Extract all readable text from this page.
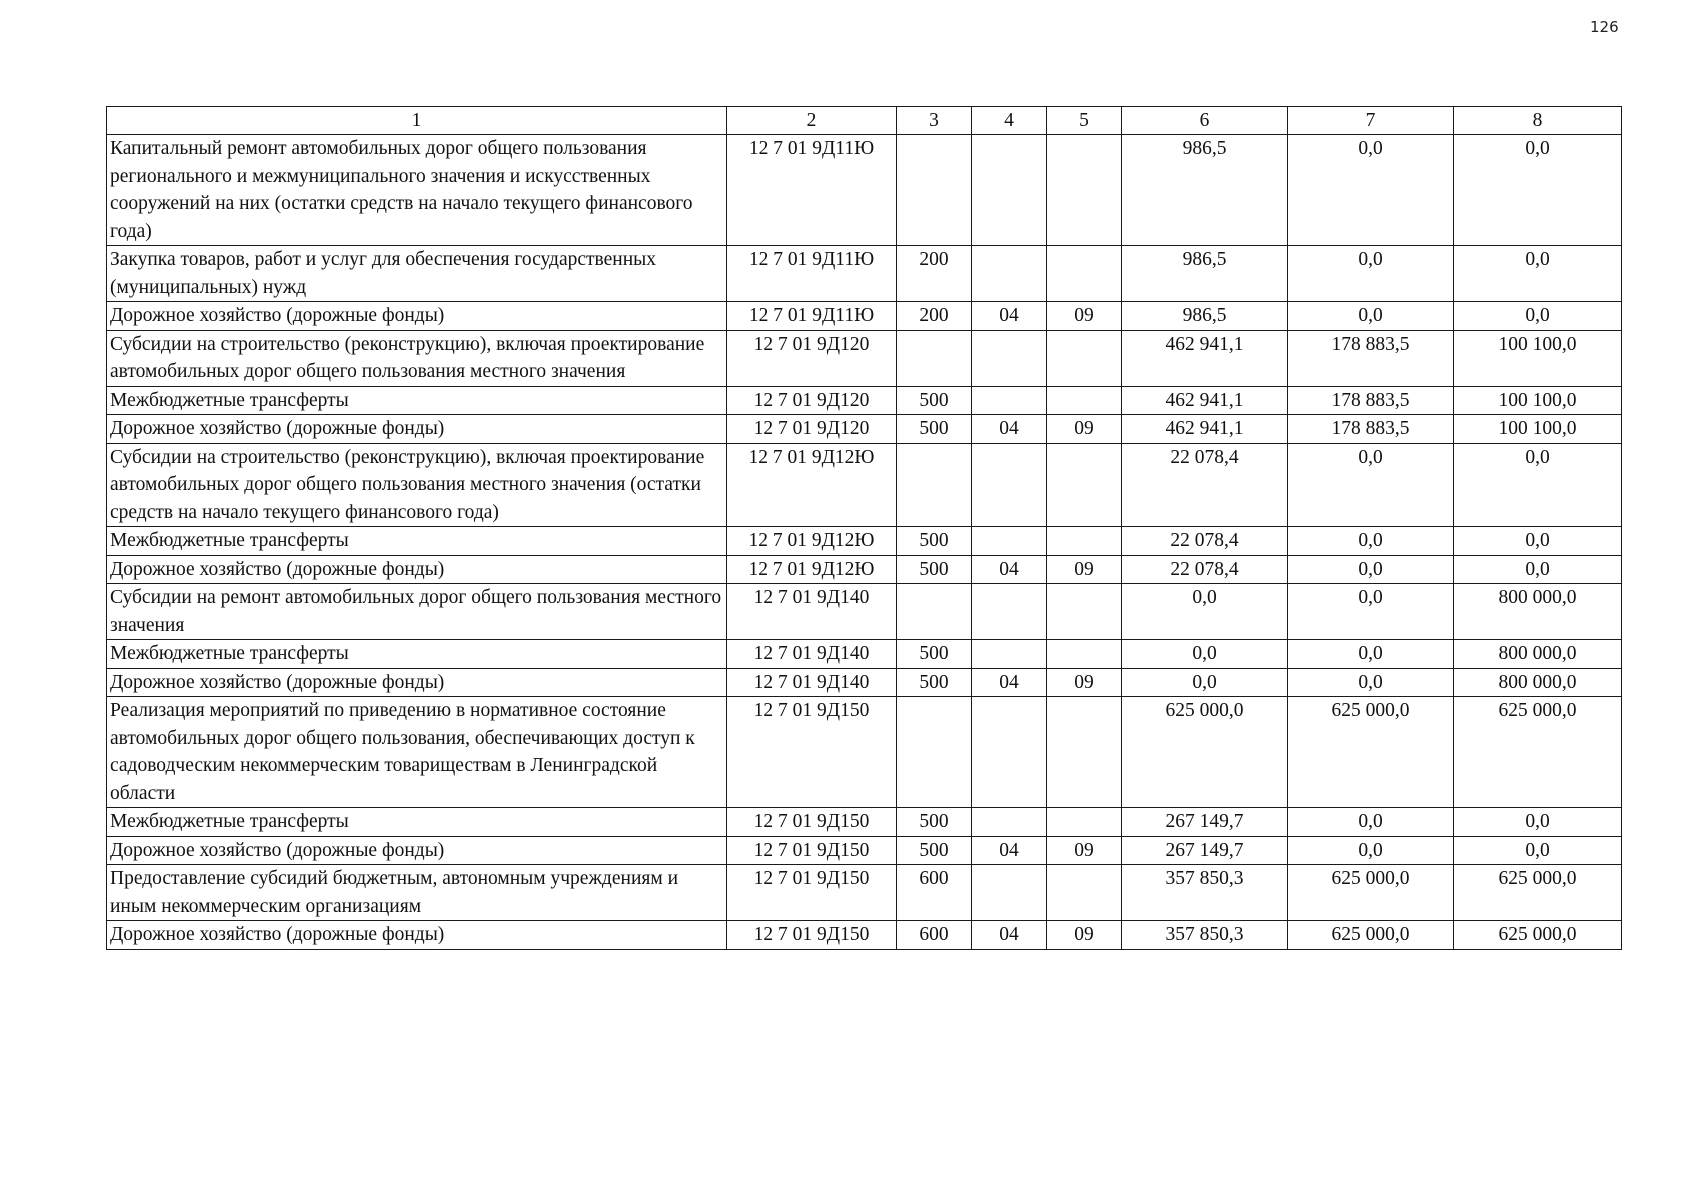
126
1	2	3	4	5	6	7	8
Капитальный ремонт автомобильных дорог общего пользования регионального и межмуниципального значения и искусственных сооружений на них (остатки средств на начало текущего финансового года)	12 7 01 9Д11Ю				986,5	0,0	0,0
Закупка товаров, работ и услуг для обеспечения государственных (муниципальных) нужд	12 7 01 9Д11Ю	200			986,5	0,0	0,0
Дорожное хозяйство (дорожные фонды)	12 7 01 9Д11Ю	200	04	09	986,5	0,0	0,0
Субсидии на строительство (реконструкцию), включая проектирование автомобильных дорог общего пользования местного значения	12 7 01 9Д120				462 941,1	178 883,5	100 100,0
Межбюджетные трансферты	12 7 01 9Д120	500			462 941,1	178 883,5	100 100,0
Дорожное хозяйство (дорожные фонды)	12 7 01 9Д120	500	04	09	462 941,1	178 883,5	100 100,0
Субсидии на строительство (реконструкцию), включая проектирование автомобильных дорог общего пользования местного значения (остатки средств на начало текущего финансового года)	12 7 01 9Д12Ю				22 078,4	0,0	0,0
Межбюджетные трансферты	12 7 01 9Д12Ю	500			22 078,4	0,0	0,0
Дорожное хозяйство (дорожные фонды)	12 7 01 9Д12Ю	500	04	09	22 078,4	0,0	0,0
Субсидии на ремонт автомобильных дорог общего пользования местного значения	12 7 01 9Д140				0,0	0,0	800 000,0
Межбюджетные трансферты	12 7 01 9Д140	500			0,0	0,0	800 000,0
Дорожное хозяйство (дорожные фонды)	12 7 01 9Д140	500	04	09	0,0	0,0	800 000,0
Реализация мероприятий по приведению в нормативное состояние автомобильных дорог общего пользования, обеспечивающих доступ к садоводческим некоммерческим товариществам в Ленинградской области	12 7 01 9Д150				625 000,0	625 000,0	625 000,0
Межбюджетные трансферты	12 7 01 9Д150	500			267 149,7	0,0	0,0
Дорожное хозяйство (дорожные фонды)	12 7 01 9Д150	500	04	09	267 149,7	0,0	0,0
Предоставление субсидий бюджетным, автономным учреждениям и иным некоммерческим организациям	12 7 01 9Д150	600			357 850,3	625 000,0	625 000,0
Дорожное хозяйство (дорожные фонды)	12 7 01 9Д150	600	04	09	357 850,3	625 000,0	625 000,0
